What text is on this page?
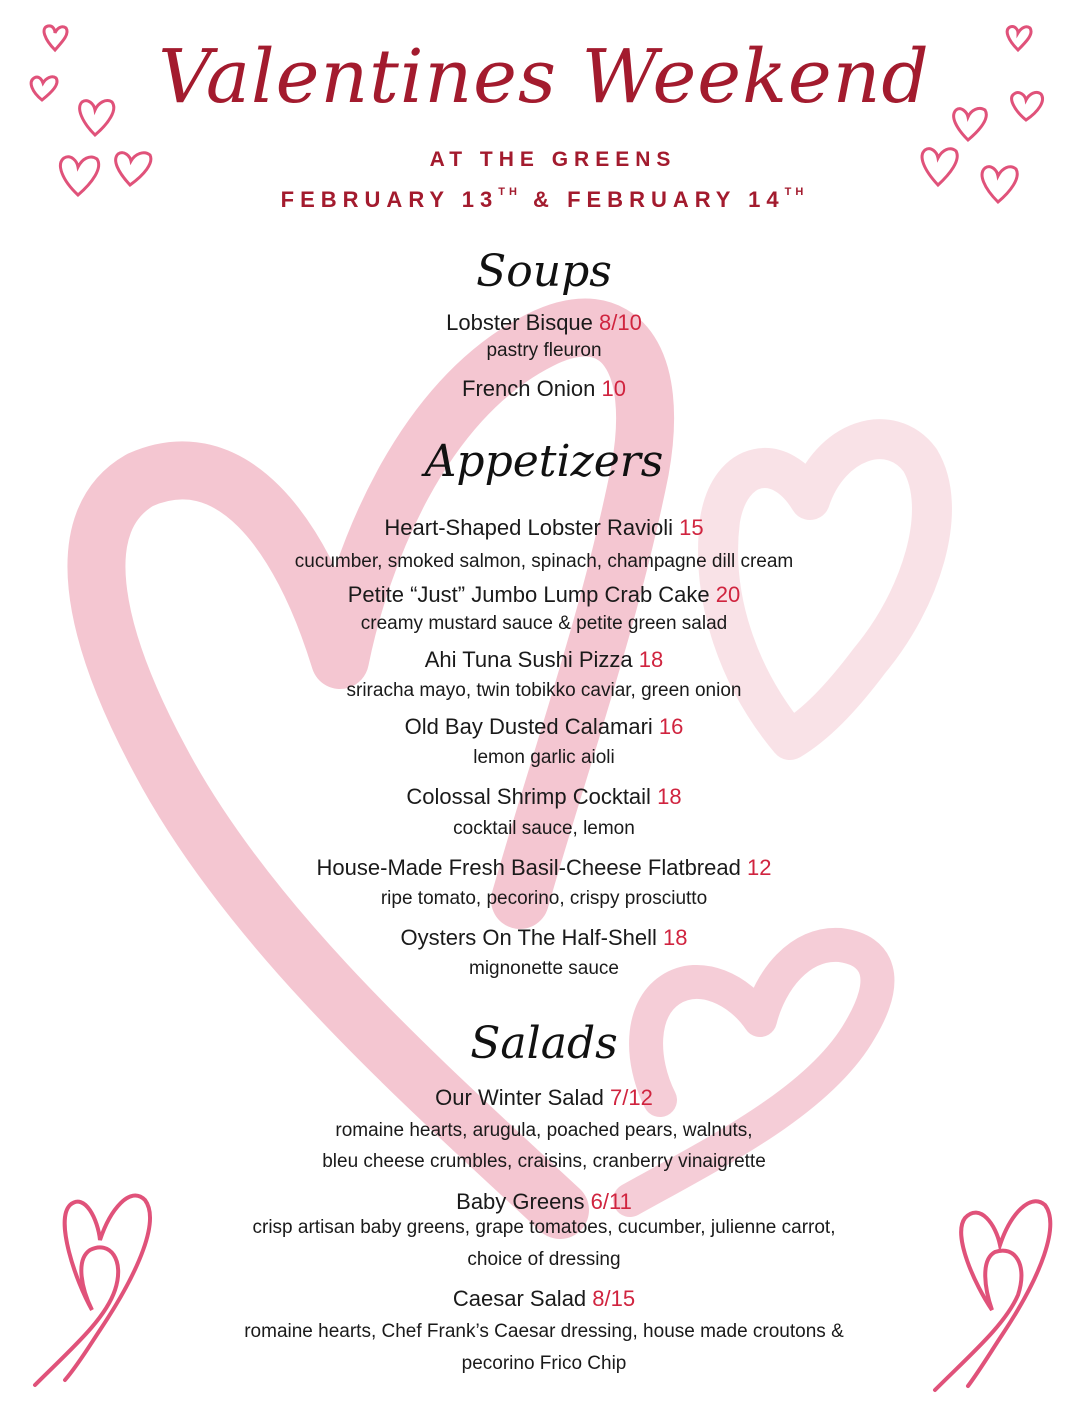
Valentines Weekend
AT THE GREENS
FEBRUARY 13TH & FEBRUARY 14TH
Soups
Lobster Bisque 8/10
pastry fleuron
French Onion 10
Appetizers
Heart-Shaped Lobster Ravioli 15
cucumber, smoked salmon, spinach, champagne dill cream
Petite “Just” Jumbo Lump Crab Cake 20
creamy mustard sauce & petite green salad
Ahi Tuna Sushi Pizza 18
sriracha mayo, twin tobikko caviar, green onion
Old Bay Dusted Calamari 16
lemon garlic aioli
Colossal Shrimp Cocktail 18
cocktail sauce, lemon
House-Made Fresh Basil-Cheese Flatbread 12
ripe tomato, pecorino, crispy prosciutto
Oysters On The Half-Shell 18
mignonette sauce
Salads
Our Winter Salad 7/12
romaine hearts, arugula, poached pears, walnuts,
bleu cheese crumbles, craisins, cranberry vinaigrette
Baby Greens 6/11
crisp artisan baby greens, grape tomatoes, cucumber, julienne carrot,
choice of dressing
Caesar Salad 8/15
romaine hearts, Chef Frank’s Caesar dressing, house made croutons &
pecorino Frico Chip
